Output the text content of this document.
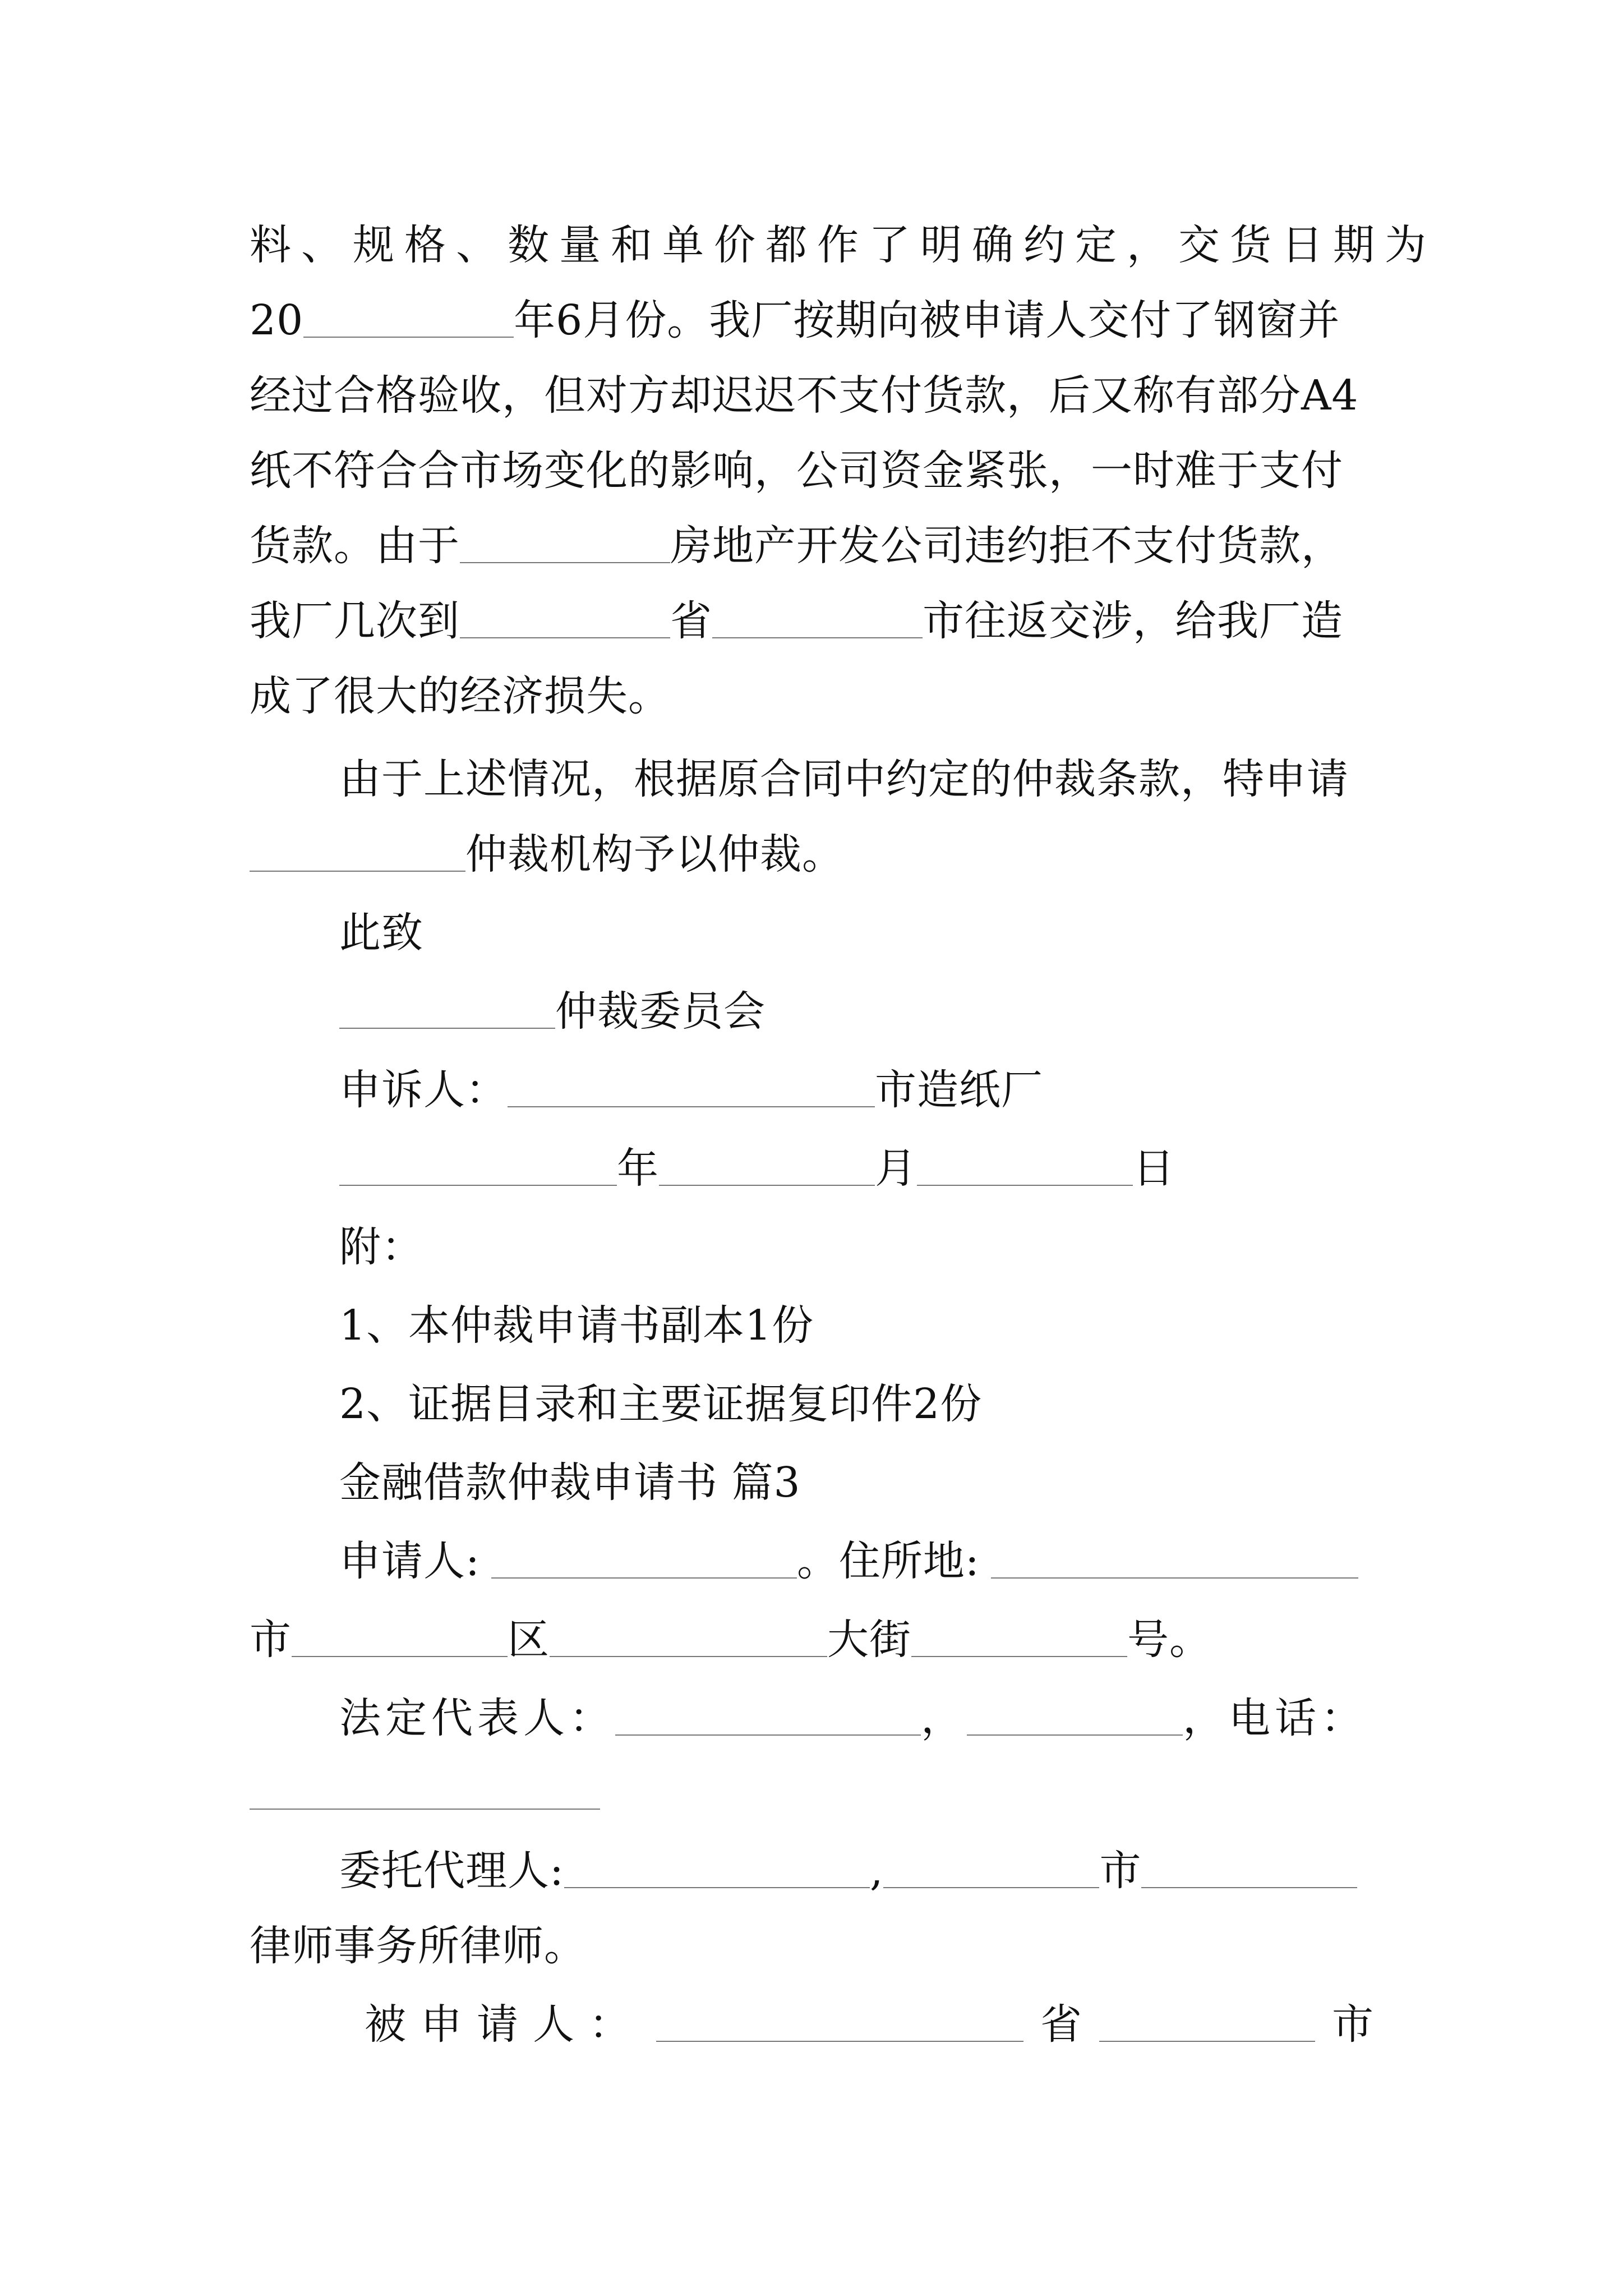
料、规格、数量和单价都作了明确约定，交货日期为
20	年6月份。我厂按期向被申请人交付了钢窗并
经过合格验收，但对方却迟迟不支付货款，后又称有部分A4
纸不符合合市场变化的影响，公司资金紧张，一时难于支付
货款。由于	房地产开发公司违约拒不支付货款，
我厂几次到	省	市往返交涉，给我厂造
成了很大的经济损失。
由于上述情况，根据原合同中约定的仲裁条款，特申请
仲裁机构予以仲裁。
此致
仲裁委员会
申诉人：	市造纸厂
年	月	日
附：
1、本仲裁申请书副本1份
2、证据目录和主要证据复印件2份
金融借款仲裁申请书 篇3
申请人:	。住所地:
市	区	大街	号。
法定代表人：	，	，电话：
委托代理人:	,	市
律师事务所律师。
被申请人：	省	市
